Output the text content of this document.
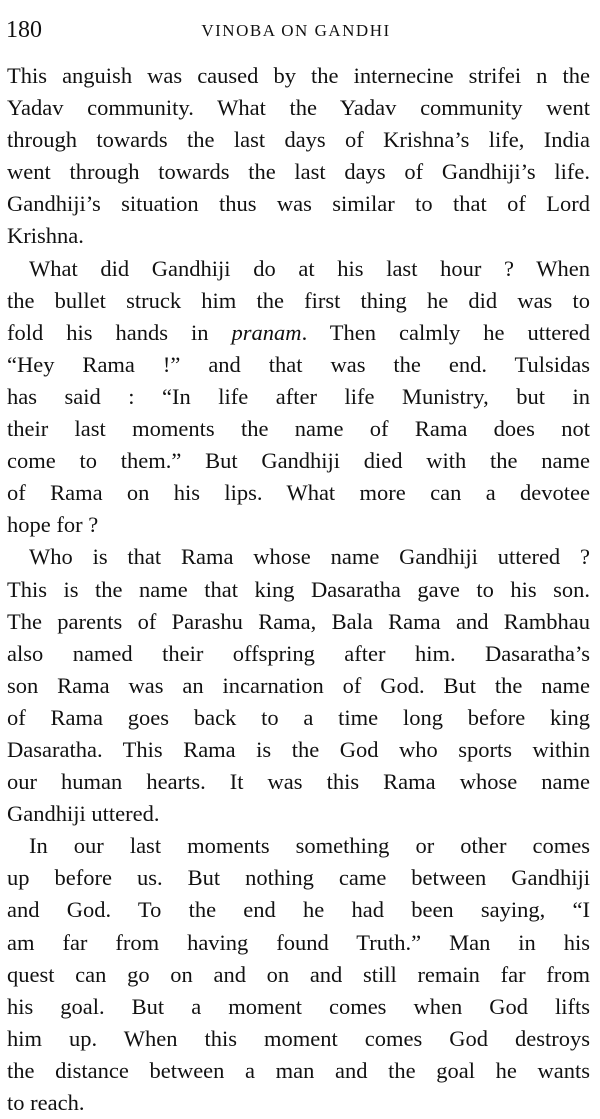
180	VINOBA ON GANDHI

This anguish was caused by the internecine strifei n the
Yadav community. What the Yadav community went
through towards the last days of Krishna’s life, India
went through towards the last days of Gandhiji’s life.
Gandhiji’s situation thus was similar to that of Lord
Krishna.

What did Gandhiji do at his last hour ? When
the bullet struck him the first thing he did was to
fold his hands in pranam. Then calmly he uttered
“Hey Rama !” and that was the end. Tulsidas
has said : “In life after life Munistry, but in
their last moments the name of Rama does not
come to them.” But Gandhiji died with the name
of Rama on his lips. What more can a devotee
hope for ?

Who is that Rama whose name Gandhiji uttered ?
This is the name that king Dasaratha gave to his son.
The parents of Parashu Rama, Bala Rama and Rambhau
also named their offspring after him. Dasaratha’s
son Rama was an incarnation of God. But the name
of Rama goes back to a time long before king
Dasaratha. This Rama is the God who sports within
our human hearts. It was this Rama whose name
Gandhiji uttered.

In our last moments something or other comes
up before us. But nothing came between Gandhiji
and God. To the end he had been saying, “I
am far from having found Truth.” Man in his
quest can go on and on and still remain far from
his goal. But a moment comes when God lifts
him up. When this moment comes God destroys
the distance between a man and the goal he wants
to reach.
